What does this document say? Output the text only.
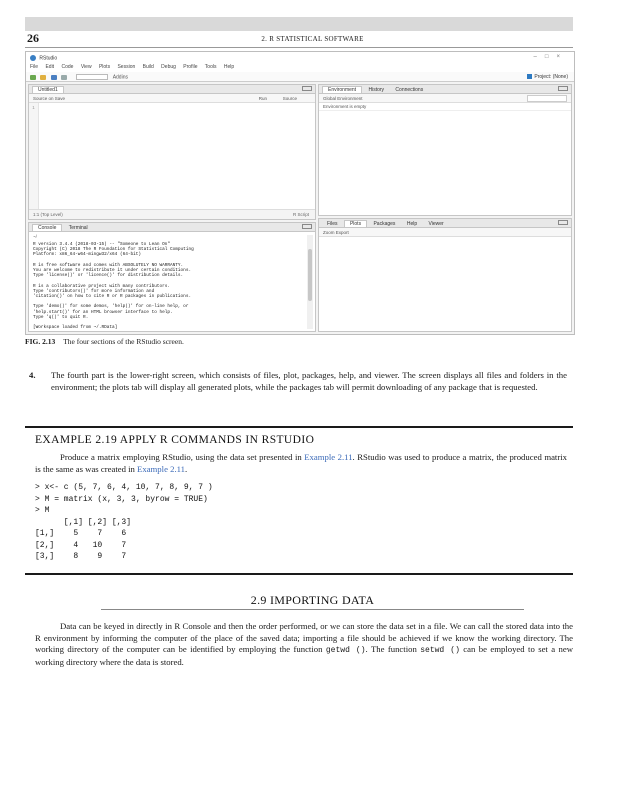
26	2. R STATISTICAL SOFTWARE
RStudio	–□×
File Edit Code View Plots Session Build Debug Profile Tools Help
Addins	Project: (None)
Untitled1
Source on Save	Run	Source
1
1:1 (Top Level)	R Script
Console Terminal
~/
R version 3.4.4 (2018-03-15) -- "Someone to Lean On"
Copyright (C) 2018 The R Foundation for Statistical Computing
Platform: x86_64-w64-mingw32/x64 (64-bit)

R is free software and comes with ABSOLUTELY NO WARRANTY.
You are welcome to redistribute it under certain conditions.
Type 'license()' or 'licence()' for distribution details.

R is a collaborative project with many contributors.
Type 'contributors()' for more information and
'citation()' on how to cite R or R packages in publications.

Type 'demo()' for some demos, 'help()' for on-line help, or
'help.start()' for an HTML browser interface to help.
Type 'q()' to quit R.

[Workspace loaded from ~/.RData]
Environment History Connections
Global Environment
Environment is empty
Files Plots Packages Help Viewer
Zoom Export
FIG. 2.13 The four sections of the RStudio screen.
4. The fourth part is the lower-right screen, which consists of files, plot, packages, help, and viewer. The screen displays all files and folders in the environment; the plots tab will display all generated plots, while the packages tab will permit downloading of any package that is requested.
EXAMPLE 2.19 APPLY R COMMANDS IN RSTUDIO
Produce a matrix employing RStudio, using the data set presented in Example 2.11. RStudio was used to produce a matrix, the produced matrix is the same as was created in Example 2.11.
> x<- c (5, 7, 6, 4, 10, 7, 8, 9, 7 )
> M = matrix (x, 3, 3, byrow = TRUE)
> M
[,1] [,2] [,3]
[1,]    5    7    6
[2,]    4   10    7
[3,]    8    9    7
2.9 IMPORTING DATA
Data can be keyed in directly in R Console and then the order performed, or we can store the data set in a file. We can call the stored data into the R environment by informing the computer of the place of the saved data; importing a file should be achieved if we know the working directory. The working directory of the computer can be identified by employing the function getwd (). The function setwd () can be employed to set a new working directory where the data is stored.
